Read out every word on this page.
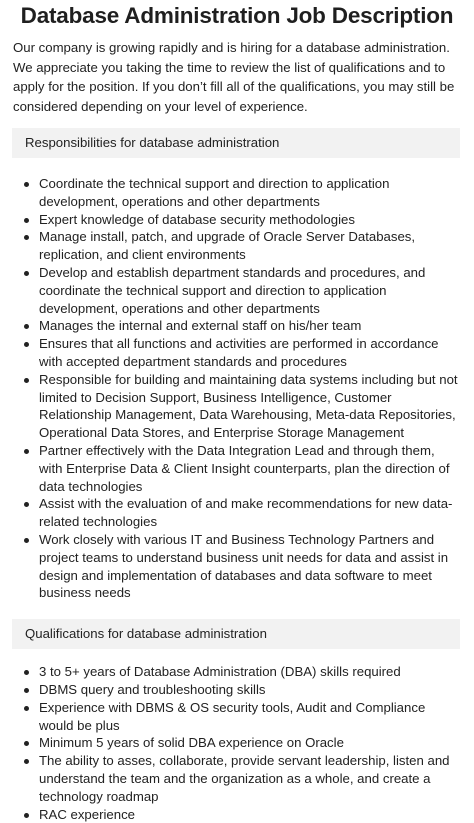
Database Administration Job Description

Our company is growing rapidly and is hiring for a database administration. We appreciate you taking the time to review the list of qualifications and to apply for the position. If you don’t fill all of the qualifications, you may still be considered depending on your level of experience.

Responsibilities for database administration
Coordinate the technical support and direction to application development, operations and other departments
Expert knowledge of database security methodologies
Manage install, patch, and upgrade of Oracle Server Databases, replication, and client environments
Develop and establish department standards and procedures, and coordinate the technical support and direction to application development, operations and other departments
Manages the internal and external staff on his/her team
Ensures that all functions and activities are performed in accordance with accepted department standards and procedures
Responsible for building and maintaining data systems including but not limited to Decision Support, Business Intelligence, Customer Relationship Management, Data Warehousing, Meta-data Repositories, Operational Data Stores, and Enterprise Storage Management
Partner effectively with the Data Integration Lead and through them, with Enterprise Data & Client Insight counterparts, plan the direction of data technologies
Assist with the evaluation of and make recommendations for new data-related technologies
Work closely with various IT and Business Technology Partners and project teams to understand business unit needs for data and assist in design and implementation of databases and data software to meet business needs
Qualifications for database administration
3 to 5+ years of Database Administration (DBA) skills required
DBMS query and troubleshooting skills
Experience with DBMS & OS security tools, Audit and Compliance would be plus
Minimum 5 years of solid DBA experience on Oracle
The ability to asses, collaborate, provide servant leadership, listen and understand the team and the organization as a whole, and create a technology roadmap
RAC experience
